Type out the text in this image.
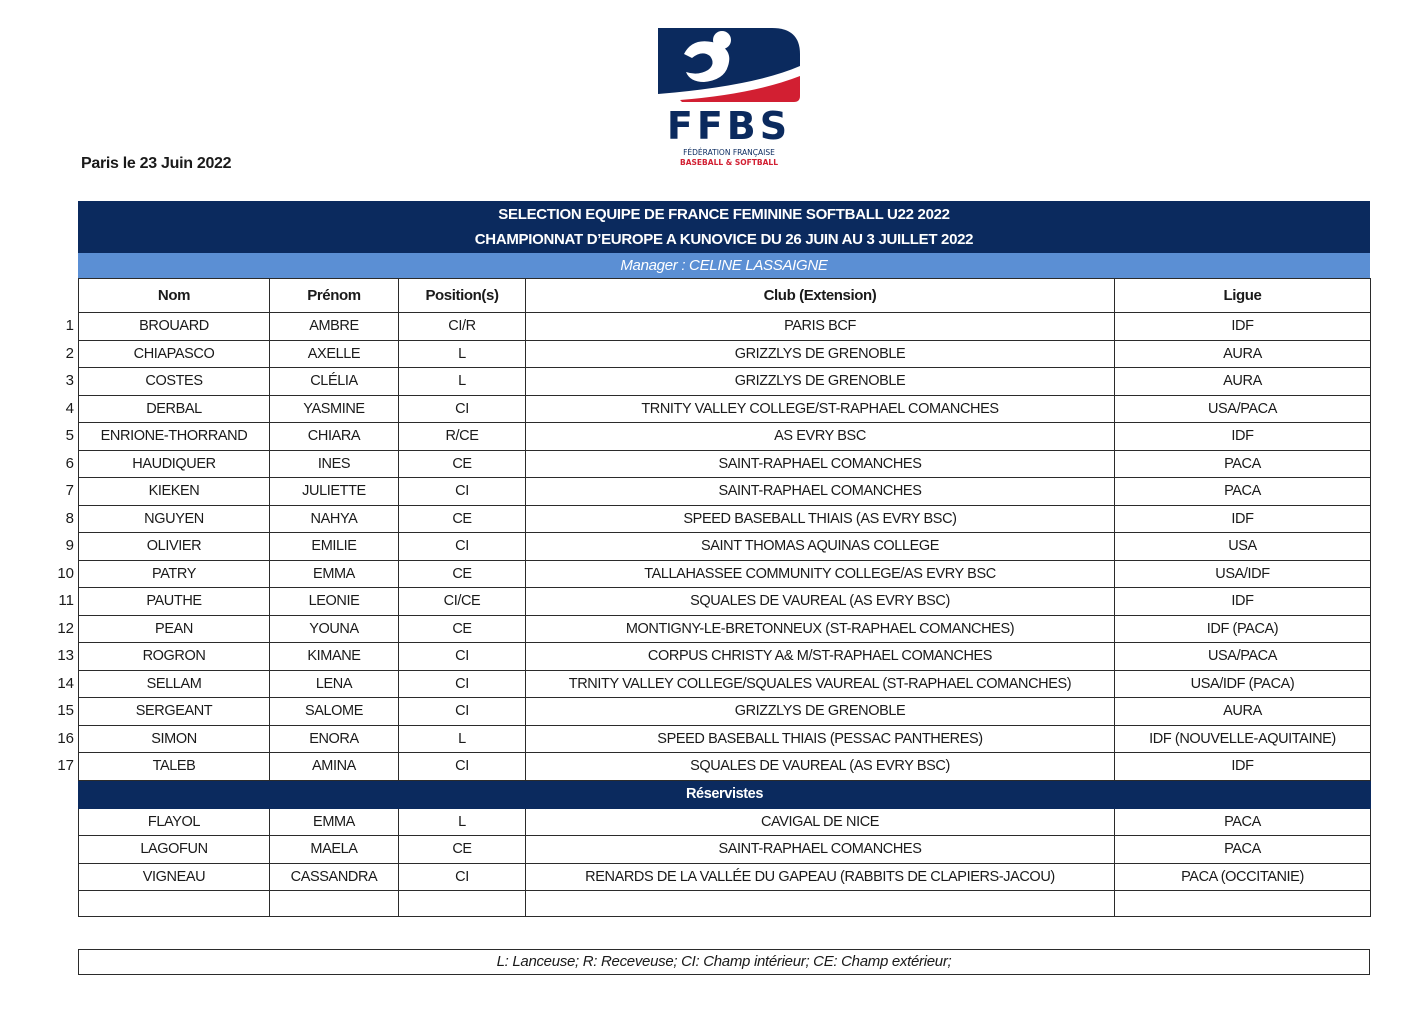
FFBS
FÉDÉRATION FRANÇAISE
BASEBALL & SOFTBALL
Paris le 23 Juin 2022
SELECTION EQUIPE DE FRANCE FEMININE SOFTBALL U22 2022
CHAMPIONNAT D’EUROPE A KUNOVICE DU 26 JUIN AU 3 JUILLET 2022
Manager : CELINE LASSAIGNE
Nom	Prénom	Position(s)	Club (Extension)	Ligue
BROUARD	AMBRE	CI/R	PARIS BCF	IDF
CHIAPASCO	AXELLE	L	GRIZZLYS DE GRENOBLE	AURA
COSTES	CLÉLIA	L	GRIZZLYS DE GRENOBLE	AURA
DERBAL	YASMINE	CI	TRNITY VALLEY COLLEGE/ST-RAPHAEL COMANCHES	USA/PACA
ENRIONE-THORRAND	CHIARA	R/CE	AS EVRY BSC	IDF
HAUDIQUER	INES	CE	SAINT-RAPHAEL COMANCHES	PACA
KIEKEN	JULIETTE	CI	SAINT-RAPHAEL COMANCHES	PACA
NGUYEN	NAHYA	CE	SPEED BASEBALL THIAIS (AS EVRY BSC)	IDF
OLIVIER	EMILIE	CI	SAINT THOMAS AQUINAS COLLEGE	USA
PATRY	EMMA	CE	TALLAHASSEE COMMUNITY COLLEGE/AS EVRY BSC	USA/IDF
PAUTHE	LEONIE	CI/CE	SQUALES DE VAUREAL (AS EVRY BSC)	IDF
PEAN	YOUNA	CE	MONTIGNY-LE-BRETONNEUX (ST-RAPHAEL COMANCHES)	IDF (PACA)
ROGRON	KIMANE	CI	CORPUS CHRISTY A& M/ST-RAPHAEL COMANCHES	USA/PACA
SELLAM	LENA	CI	TRNITY VALLEY COLLEGE/SQUALES VAUREAL (ST-RAPHAEL COMANCHES)	USA/IDF (PACA)
SERGEANT	SALOME	CI	GRIZZLYS DE GRENOBLE	AURA
SIMON	ENORA	L	SPEED BASEBALL THIAIS (PESSAC PANTHERES)	IDF (NOUVELLE-AQUITAINE)
TALEB	AMINA	CI	SQUALES DE VAUREAL (AS EVRY BSC)	IDF
Réservistes				
FLAYOL	EMMA	L	CAVIGAL DE NICE	PACA
LAGOFUN	MAELA	CE	SAINT-RAPHAEL COMANCHES	PACA
VIGNEAU	CASSANDRA	CI	RENARDS DE LA VALLÉE DU GAPEAU (RABBITS DE CLAPIERS-JACOU)	PACA (OCCITANIE)

1
2
3
4
5
6
7
8
9
10
11
12
13
14
15
16
17
L: Lanceuse; R: Receveuse; CI: Champ intérieur; CE: Champ extérieur;
